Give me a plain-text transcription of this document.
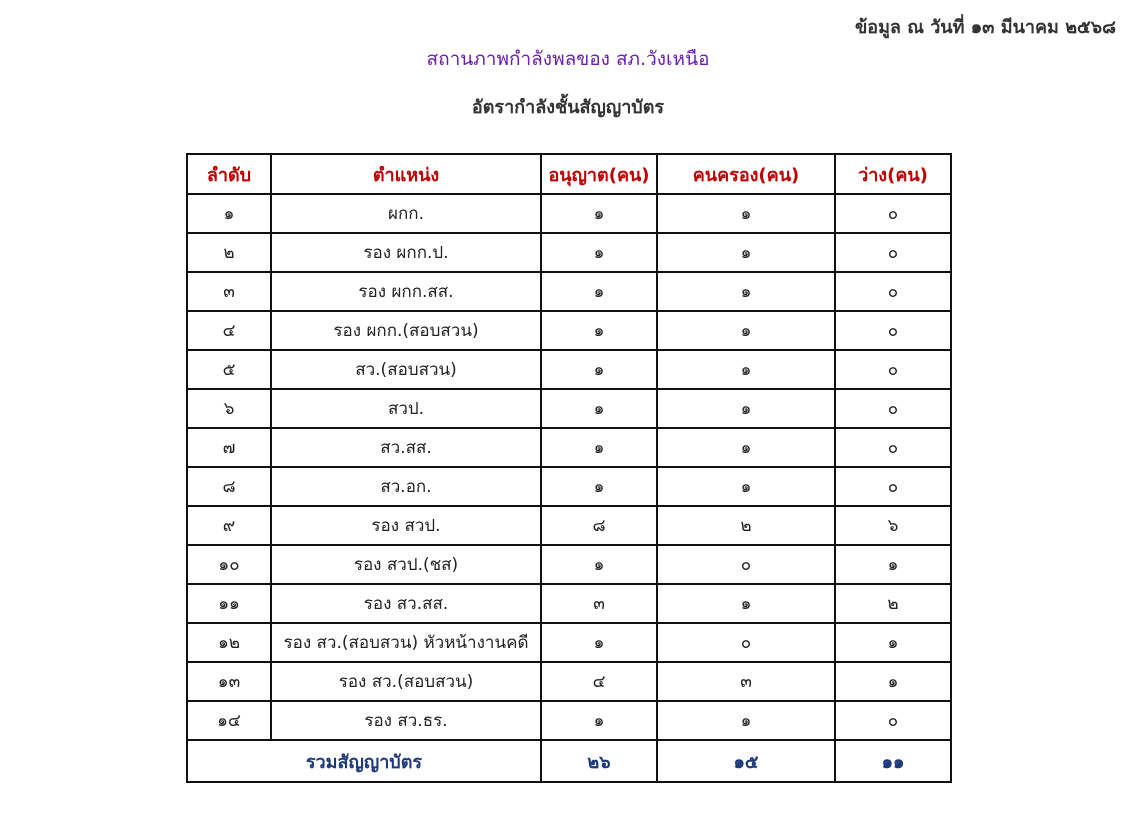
ข้อมูล ณ วันที่ ๑๓ มีนาคม ๒๕๖๘
สถานภาพกำลังพลของ สภ.วังเหนือ
อัตรากำลังชั้นสัญญาบัตร
ลำดับ	ตำแหน่ง	อนุญาต(คน)	คนครอง(คน)	ว่าง(คน)
๑	ผกก.	๑	๑	๐
๒	รอง ผกก.ป.	๑	๑	๐
๓	รอง ผกก.สส.	๑	๑	๐
๔	รอง ผกก.(สอบสวน)	๑	๑	๐
๕	สว.(สอบสวน)	๑	๑	๐
๖	สวป.	๑	๑	๐
๗	สว.สส.	๑	๑	๐
๘	สว.อก.	๑	๑	๐
๙	รอง สวป.	๘	๒	๖
๑๐	รอง สวป.(ชส)	๑	๐	๑
๑๑	รอง สว.สส.	๓	๑	๒
๑๒	รอง สว.(สอบสวน) หัวหน้างานคดี	๑	๐	๑
๑๓	รอง สว.(สอบสวน)	๔	๓	๑
๑๔	รอง สว.ธร.	๑	๑	๐
รวมสัญญาบัตร		๒๖	๑๕	๑๑
